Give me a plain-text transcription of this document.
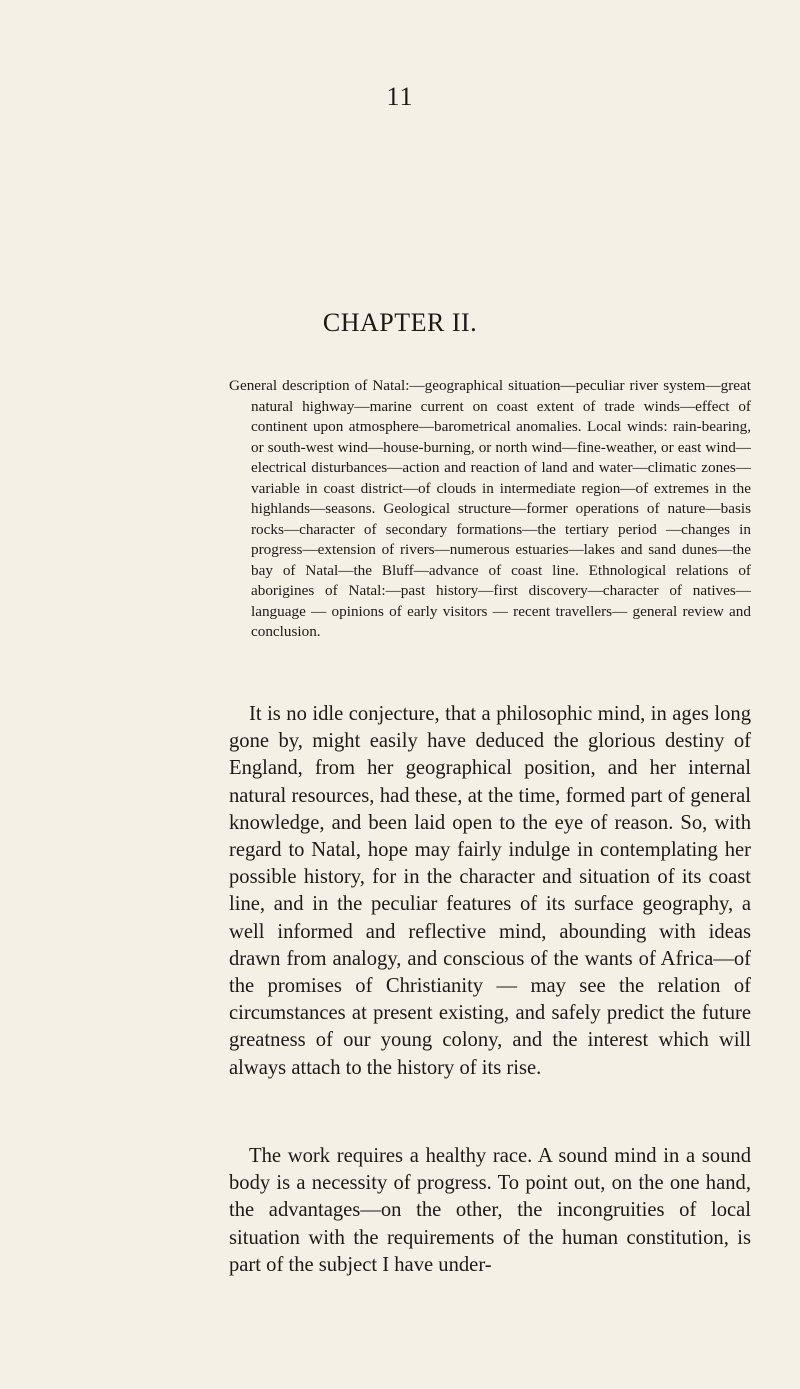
11
CHAPTER II.

General description of Natal:—geographical situation—peculiar river system—great natural highway—marine current on coast extent of trade winds—effect of continent upon atmosphere—barometrical anomalies. Local winds: rain-bearing, or south-west wind—house-burning, or north wind—fine-weather, or east wind—electrical disturbances—action and reaction of land and water—climatic zones—variable in coast district—of clouds in intermediate region—of extremes in the highlands—seasons. Geological structure—former operations of nature—basis rocks—character of secondary formations—the tertiary period —changes in progress—extension of rivers—numerous estuaries—lakes and sand dunes—the bay of Natal—the Bluff—advance of coast line. Ethnological relations of aborigines of Natal:—past history—first discovery—character of natives—language — opinions of early visitors — recent travellers— general review and conclusion.

It is no idle conjecture, that a philosophic mind, in ages long gone by, might easily have deduced the glorious destiny of England, from her geographical position, and her internal natural resources, had these, at the time, formed part of general knowledge, and been laid open to the eye of reason. So, with regard to Natal, hope may fairly indulge in contemplating her possible history, for in the character and situation of its coast line, and in the peculiar features of its surface geography, a well informed and reflective mind, abounding with ideas drawn from analogy, and conscious of the wants of Africa—of the promises of Christianity — may see the relation of circumstances at present existing, and safely predict the future greatness of our young colony, and the interest which will always attach to the history of its rise.

The work requires a healthy race. A sound mind in a sound body is a necessity of progress. To point out, on the one hand, the advantages—on the other, the incongruities of local situation with the requirements of the human constitution, is part of the subject I have under-
